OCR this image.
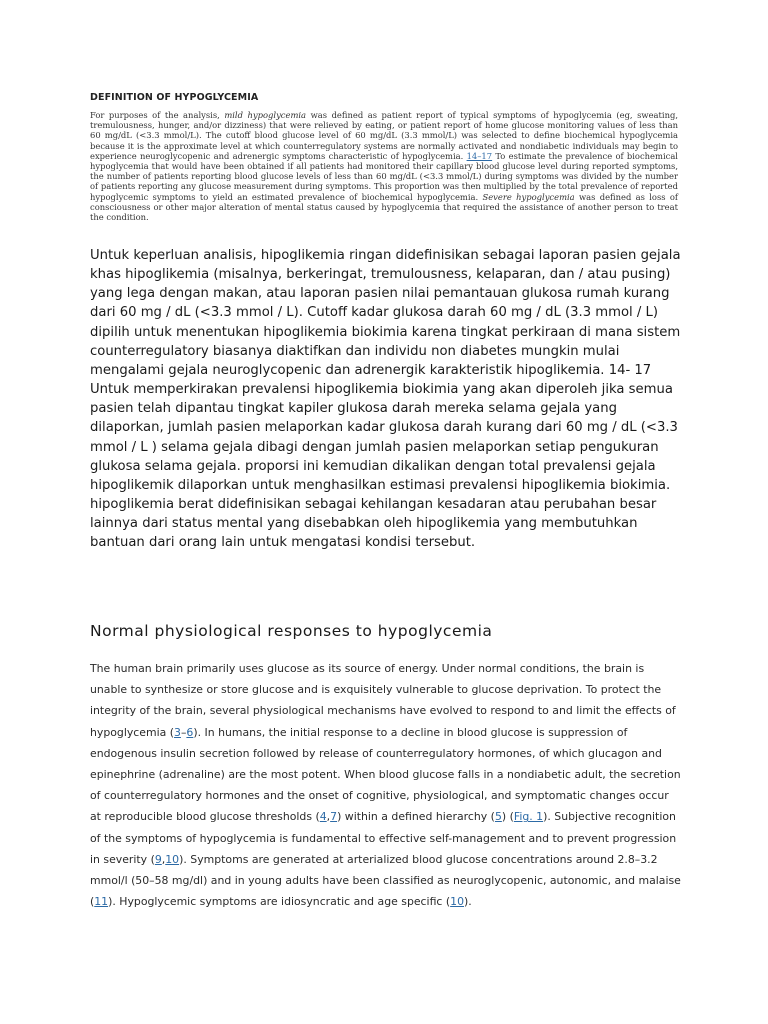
DEFINITION OF HYPOGLYCEMIA

For purposes of the analysis, mild hypoglycemia was defined as patient report of typical symptoms of hypoglycemia (eg, sweating, tremulousness, hunger, and/or dizziness) that were relieved by eating, or patient report of home glucose monitoring values of less than 60 mg/dL (<3.3 mmol/L). The cutoff blood glucose level of 60 mg/dL (3.3 mmol/L) was selected to define biochemical hypoglycemia because it is the approximate level at which counterregulatory systems are normally activated and nondiabetic individuals may begin to experience neuroglycopenic and adrenergic symptoms characteristic of hypoglycemia. 14–17 To estimate the prevalence of biochemical hypoglycemia that would have been obtained if all patients had monitored their capillary blood glucose level during reported symptoms, the number of patients reporting blood glucose levels of less than 60 mg/dL (<3.3 mmol/L) during symptoms was divided by the number of patients reporting any glucose measurement during symptoms. This proportion was then multiplied by the total prevalence of reported hypoglycemic symptoms to yield an estimated prevalence of biochemical hypoglycemia. Severe hypoglycemia was defined as loss of consciousness or other major alteration of mental status caused by hypoglycemia that required the assistance of another person to treat the condition.

Untuk keperluan analisis, hipoglikemia ringan didefinisikan sebagai laporan pasien gejala khas hipoglikemia (misalnya, berkeringat, tremulousness, kelaparan, dan / atau pusing) yang lega dengan makan, atau laporan pasien nilai pemantauan glukosa rumah kurang dari 60 mg / dL (<3.3 mmol / L). Cutoff kadar glukosa darah 60 mg / dL (3.3 mmol / L) dipilih untuk menentukan hipoglikemia biokimia karena tingkat perkiraan di mana sistem counterregulatory biasanya diaktifkan dan individu non diabetes mungkin mulai mengalami gejala neuroglycopenic dan adrenergik karakteristik hipoglikemia. 14- 17 Untuk memperkirakan prevalensi hipoglikemia biokimia yang akan diperoleh jika semua pasien telah dipantau tingkat kapiler glukosa darah mereka selama gejala yang dilaporkan, jumlah pasien melaporkan kadar glukosa darah kurang dari 60 mg / dL (<3.3 mmol / L ) selama gejala dibagi dengan jumlah pasien melaporkan setiap pengukuran glukosa selama gejala. proporsi ini kemudian dikalikan dengan total prevalensi gejala hipoglikemik dilaporkan untuk menghasilkan estimasi prevalensi hipoglikemia biokimia. hipoglikemia berat didefinisikan sebagai kehilangan kesadaran atau perubahan besar lainnya dari status mental yang disebabkan oleh hipoglikemia yang membutuhkan bantuan dari orang lain untuk mengatasi kondisi tersebut.

Normal physiological responses to hypoglycemia

The human brain primarily uses glucose as its source of energy. Under normal conditions, the brain is unable to synthesize or store glucose and is exquisitely vulnerable to glucose deprivation. To protect the integrity of the brain, several physiological mechanisms have evolved to respond to and limit the effects of hypoglycemia (3–6). In humans, the initial response to a decline in blood glucose is suppression of endogenous insulin secretion followed by release of counterregulatory hormones, of which glucagon and epinephrine (adrenaline) are the most potent. When blood glucose falls in a nondiabetic adult, the secretion of counterregulatory hormones and the onset of cognitive, physiological, and symptomatic changes occur at reproducible blood glucose thresholds (4,7) within a defined hierarchy (5) (Fig. 1). Subjective recognition of the symptoms of hypoglycemia is fundamental to effective self-management and to prevent progression in severity (9,10). Symptoms are generated at arterialized blood glucose concentrations around 2.8–3.2 mmol/l (50–58 mg/dl) and in young adults have been classified as neuroglycopenic, autonomic, and malaise (11). Hypoglycemic symptoms are idiosyncratic and age specific (10).
